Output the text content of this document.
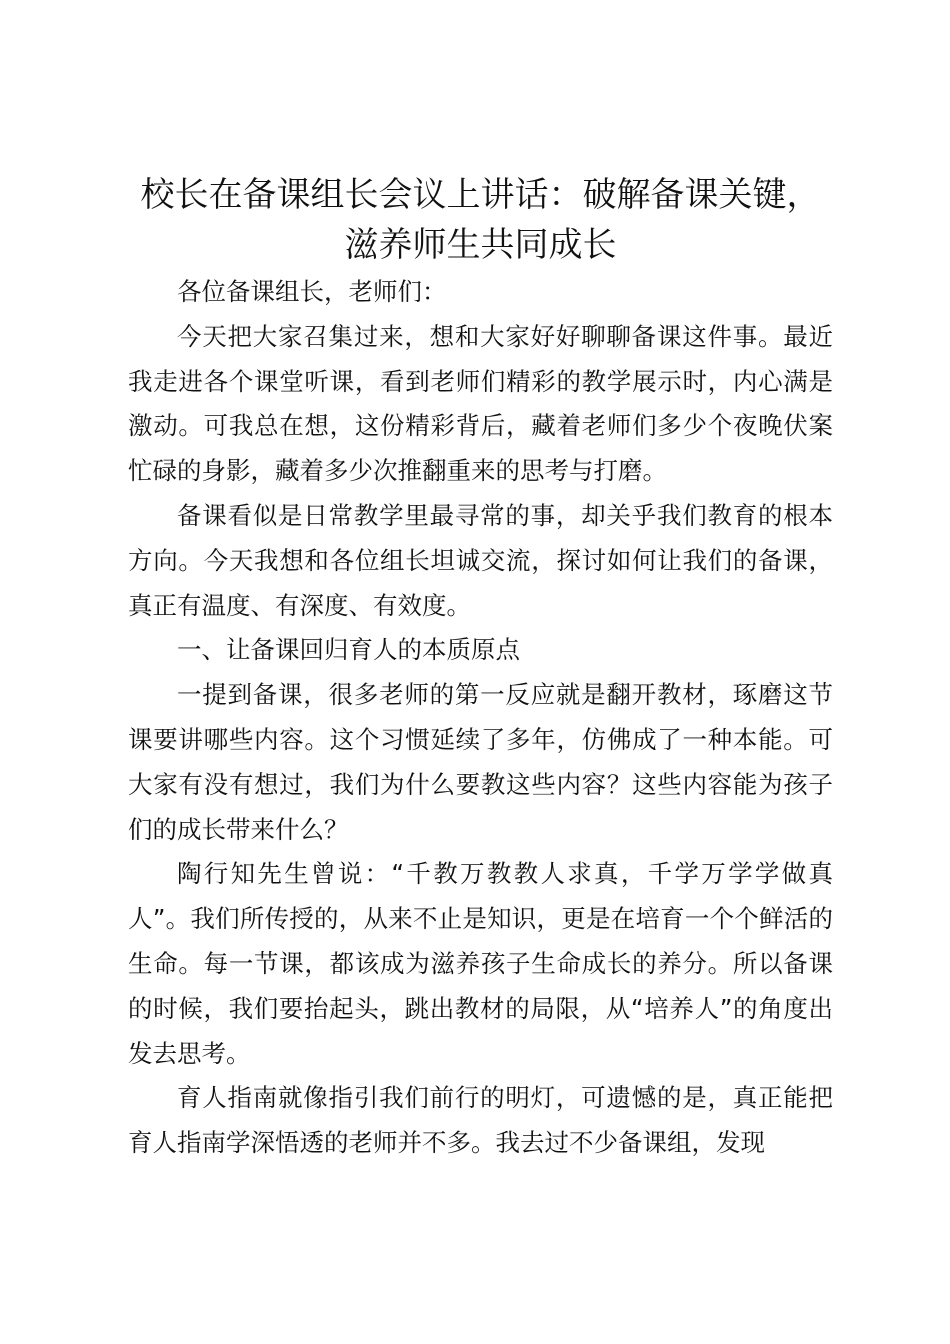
校长在备课组长会议上讲话：破解备课关键，
滋养师生共同成长

各位备课组长，老师们：

今天把大家召集过来，想和大家好好聊聊备课这件事。最近我走进各个课堂听课，看到老师们精彩的教学展示时，内心满是激动。可我总在想，这份精彩背后，藏着老师们多少个夜晚伏案忙碌的身影，藏着多少次推翻重来的思考与打磨。

备课看似是日常教学里最寻常的事，却关乎我们教育的根本方向。今天我想和各位组长坦诚交流，探讨如何让我们的备课，真正有温度、有深度、有效度。

一、让备课回归育人的本质原点

一提到备课，很多老师的第一反应就是翻开教材，琢磨这节课要讲哪些内容。这个习惯延续了多年，仿佛成了一种本能。可大家有没有想过，我们为什么要教这些内容？这些内容能为孩子们的成长带来什么？

陶行知先生曾说：“千教万教教人求真，千学万学学做真人”。我们所传授的，从来不止是知识，更是在培育一个个鲜活的生命。每一节课，都该成为滋养孩子生命成长的养分。所以备课的时候，我们要抬起头，跳出教材的局限，从“培养人”的角度出发去思考。

育人指南就像指引我们前行的明灯，可遗憾的是，真正能把育人指南学深悟透的老师并不多。我去过不少备课组，发现
